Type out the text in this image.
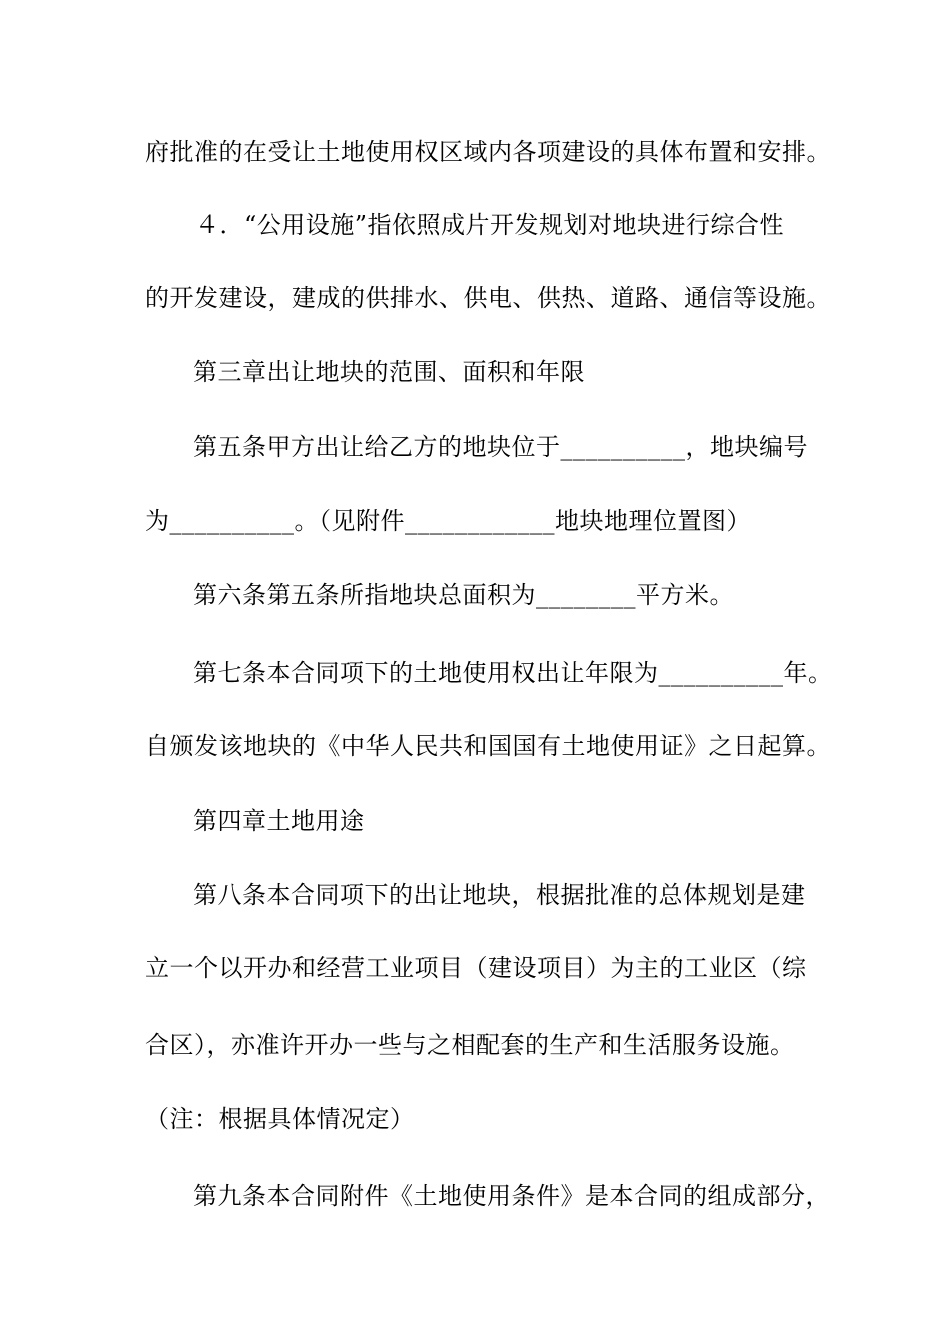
府批准的在受让土地使用权区域内各项建设的具体布置和安排。
４．“公用设施”指依照成片开发规划对地块进行综合性
的开发建设，建成的供排水、供电、供热、道路、通信等设施。
第三章出让地块的范围、面积和年限
第五条甲方出让给乙方的地块位于__________，地块编号
为__________。（见附件____________地块地理位置图）
第六条第五条所指地块总面积为________平方米。
第七条本合同项下的土地使用权出让年限为__________年。
自颁发该地块的《中华人民共和国国有土地使用证》之日起算。
第四章土地用途
第八条本合同项下的出让地块，根据批准的总体规划是建
立一个以开办和经营工业项目（建设项目）为主的工业区（综
合区），亦准许开办一些与之相配套的生产和生活服务设施。
（注：根据具体情况定）
第九条本合同附件《土地使用条件》是本合同的组成部分，
